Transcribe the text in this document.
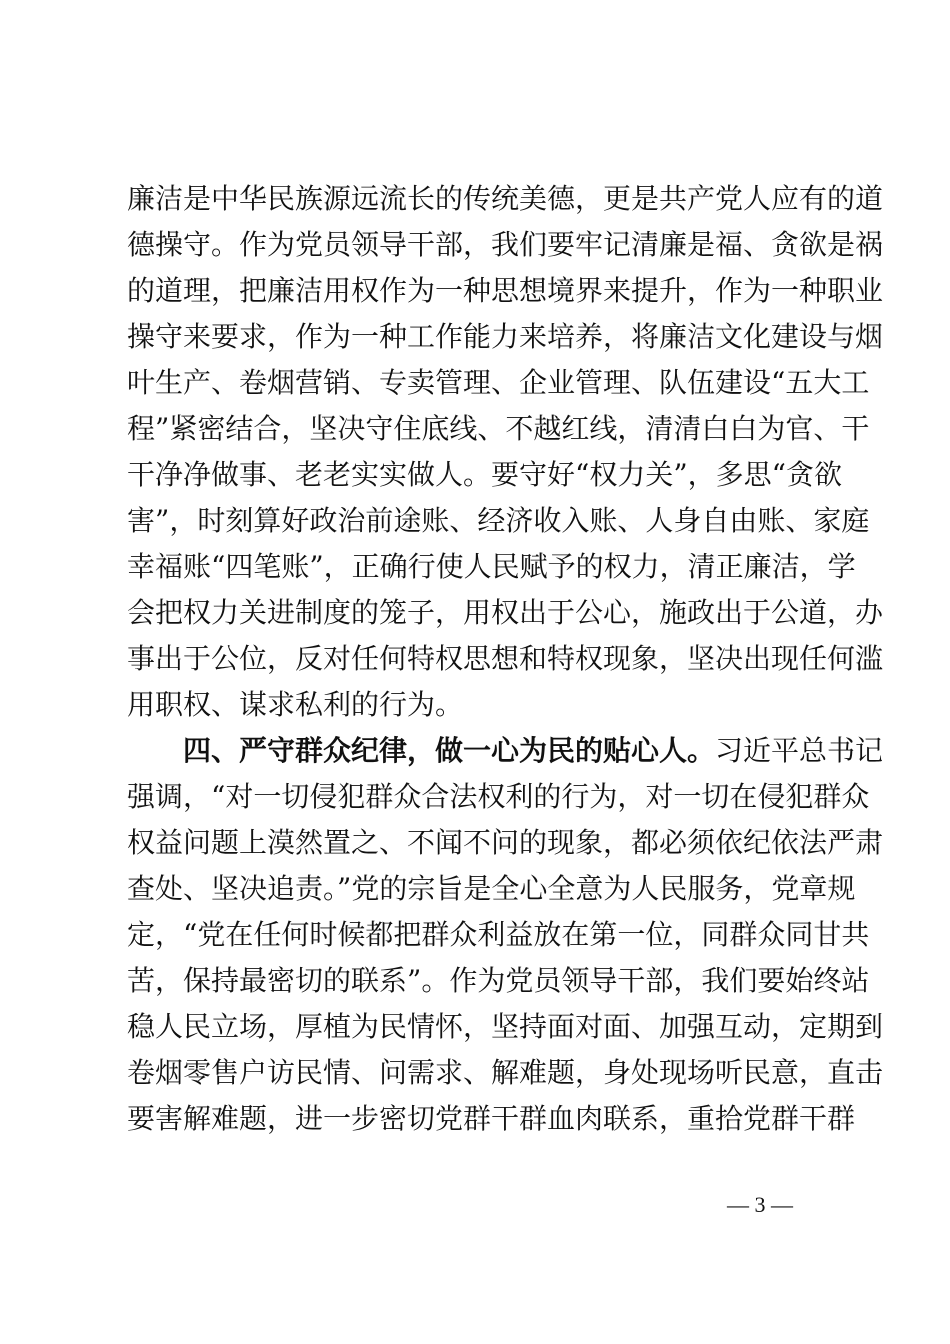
廉洁是中华民族源远流长的传统美德，更是共产党人应有的道
德操守。作为党员领导干部，我们要牢记清廉是福、贪欲是祸
的道理，把廉洁用权作为一种思想境界来提升，作为一种职业
操守来要求，作为一种工作能力来培养，将廉洁文化建设与烟
叶生产、卷烟营销、专卖管理、企业管理、队伍建设“五大工
程”紧密结合，坚决守住底线、不越红线，清清白白为官、干
干净净做事、老老实实做人。要守好“权力关”，多思“贪欲
害”，时刻算好政治前途账、经济收入账、人身自由账、家庭
幸福账“四笔账”，正确行使人民赋予的权力，清正廉洁，学
会把权力关进制度的笼子，用权出于公心，施政出于公道，办
事出于公位，反对任何特权思想和特权现象，坚决出现任何滥
用职权、谋求私利的行为。
四、严守群众纪律，做一心为民的贴心人。习近平总书记
强调，“对一切侵犯群众合法权利的行为，对一切在侵犯群众
权益问题上漠然置之、不闻不问的现象，都必须依纪依法严肃
查处、坚决追责。”党的宗旨是全心全意为人民服务，党章规
定，“党在任何时候都把群众利益放在第一位，同群众同甘共
苦，保持最密切的联系”。作为党员领导干部，我们要始终站
稳人民立场，厚植为民情怀，坚持面对面、加强互动，定期到
卷烟零售户访民情、问需求、解难题，身处现场听民意，直击
要害解难题，进一步密切党群干群血肉联系，重拾党群干群
— 3 —
